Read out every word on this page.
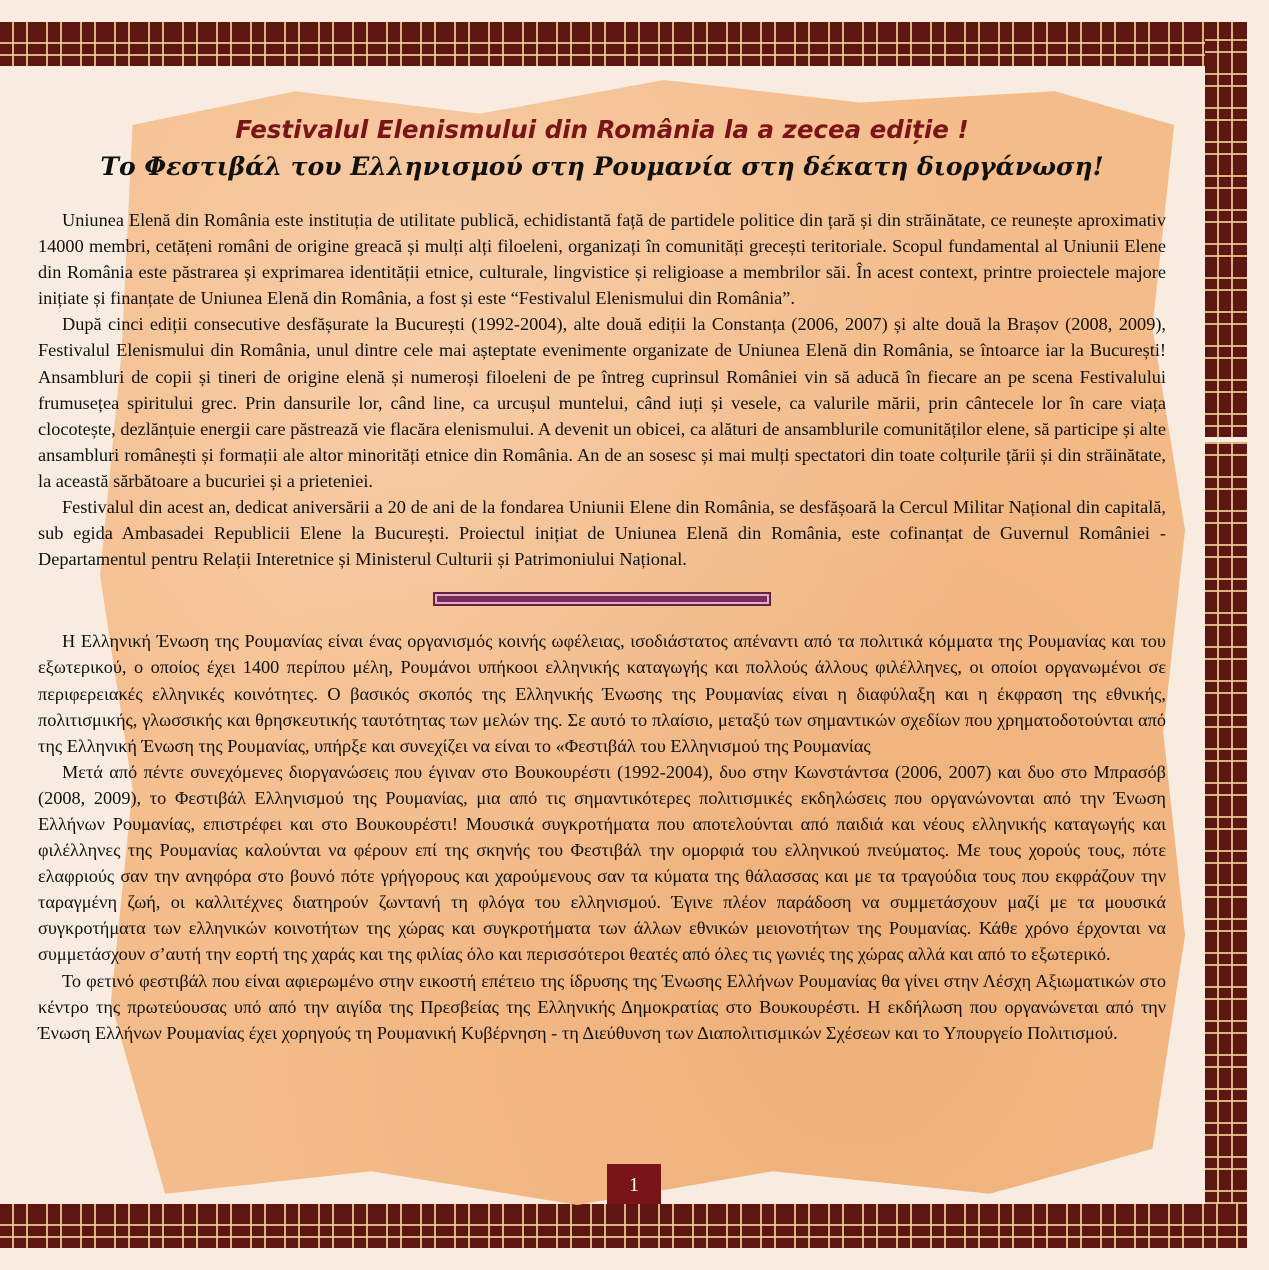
Festivalul Elenismului din România la a zecea ediție !
Το Φεστιβάλ του Ελληνισμού στη Ρουμανία στη δέκατη διοργάνωση!

Uniunea Elenă din România este instituția de utilitate publică, echidistantă față de partidele politice din țară și din străinătate, ce reunește aproximativ 14000 membri, cetățeni români de origine greacă și mulți alți filoeleni, organizați în comunități grecești teritoriale. Scopul fundamental al Uniunii Elene din România este păstrarea și exprimarea identității etnice, culturale, lingvistice și religioase a membrilor săi. În acest context, printre proiectele majore inițiate și finanțate de Uniunea Elenă din România, a fost și este “Festivalul Elenismului din România”.

După cinci ediții consecutive desfășurate la București (1992-2004), alte două ediții la Constanța (2006, 2007) și alte două la Brașov (2008, 2009), Festivalul Elenismului din România, unul dintre cele mai așteptate evenimente organizate de Uniunea Elenă din România, se întoarce iar la București! Ansambluri de copii și tineri de origine elenă și numeroși filoeleni de pe întreg cuprinsul României vin să aducă în fiecare an pe scena Festivalului frumusețea spiritului grec. Prin dansurile lor, când line, ca urcușul muntelui, când iuți și vesele, ca valurile mării, prin cântecele lor în care viața clocotește, dezlănțuie energii care păstrează vie flacăra elenismului. A devenit un obicei, ca alături de ansamblurile comunităților elene, să participe și alte ansambluri românești și formații ale altor minorități etnice din România. An de an sosesc și mai mulți spectatori din toate colțurile țării și din străinătate, la această sărbătoare a bucuriei și a prieteniei.

Festivalul din acest an, dedicat aniversării a 20 de ani de la fondarea Uniunii Elene din România, se desfășoară la Cercul Militar Național din capitală, sub egida Ambasadei Republicii Elene la București. Proiectul inițiat de Uniunea Elenă din România, este cofinanțat de Guvernul României - Departamentul pentru Relații Interetnice și Ministerul Culturii și Patrimoniului Național.

Η Ελληνική Ένωση της Ρουμανίας είναι ένας οργανισμός κοινής ωφέλειας, ισοδιάστατος απέναντι από τα πολιτικά κόμματα της Ρουμανίας και του εξωτερικού, ο οποίος έχει 1400 περίπου μέλη, Ρουμάνοι υπήκοοι ελληνικής καταγωγής και πολλούς άλλους φιλέλληνες, οι οποίοι οργανωμένοι σε περιφερειακές ελληνικές κοινότητες. Ο βασικός σκοπός της Ελληνικής Ένωσης της Ρουμανίας είναι η διαφύλαξη και η έκφραση της εθνικής, πολιτισμικής, γλωσσικής και θρησκευτικής ταυτότητας των μελών της. Σε αυτό το πλαίσιο, μεταξύ των σημαντικών σχεδίων που χρηματοδοτούνται από της Ελληνική Ένωση της Ρουμανίας, υπήρξε και συνεχίζει να είναι το «Φεστιβάλ του Ελληνισμού της Ρουμανίας

Μετά από πέντε συνεχόμενες διοργανώσεις που έγιναν στο Βουκουρέστι (1992-2004), δυο στην Κωνστάντσα (2006, 2007) και δυο στο Μπρασόβ (2008, 2009), το Φεστιβάλ Ελληνισμού της Ρουμανίας, μια από τις σημαντικότερες πολιτισμικές εκδηλώσεις που οργανώνονται από την Ένωση Ελλήνων Ρουμανίας, επιστρέφει και στο Βουκουρέστι! Μουσικά συγκροτήματα που αποτελούνται από παιδιά και νέους ελληνικής καταγωγής και φιλέλληνες της Ρουμανίας καλούνται να φέρουν επί της σκηνής του Φεστιβάλ την ομορφιά του ελληνικού πνεύματος. Με τους χορούς τους, πότε ελαφριούς σαν την ανηφόρα στο βουνό πότε γρήγορους και χαρούμενους σαν τα κύματα της θάλασσας και με τα τραγούδια τους που εκφράζουν την ταραγμένη ζωή, οι καλλιτέχνες διατηρούν ζωντανή τη φλόγα του ελληνισμού. Έγινε πλέον παράδοση να συμμετάσχουν μαζί με τα μουσικά συγκροτήματα των ελληνικών κοινοτήτων της χώρας και συγκροτήματα των άλλων εθνικών μειονοτήτων της Ρουμανίας. Κάθε χρόνο έρχονται να συμμετάσχουν σ’αυτή την εορτή της χαράς και της φιλίας όλο και περισσότεροι θεατές από όλες τις γωνιές της χώρας αλλά και από το εξωτερικό.

Το φετινό φεστιβάλ που είναι αφιερωμένο στην εικοστή επέτειο της ίδρυσης της Ένωσης Ελλήνων Ρουμανίας θα γίνει στην Λέσχη Αξιωματικών στο κέντρο της πρωτεύουσας υπό από την αιγίδα της Πρεσβείας της Ελληνικής Δημοκρατίας στο Βουκουρέστι. Η εκδήλωση που οργανώνεται από την Ένωση Ελλήνων Ρουμανίας έχει χορηγούς τη Ρουμανική Κυβέρνηση - τη Διεύθυνση των Διαπολιτισμικών Σχέσεων και το Υπουργείο Πολιτισμού.

1
